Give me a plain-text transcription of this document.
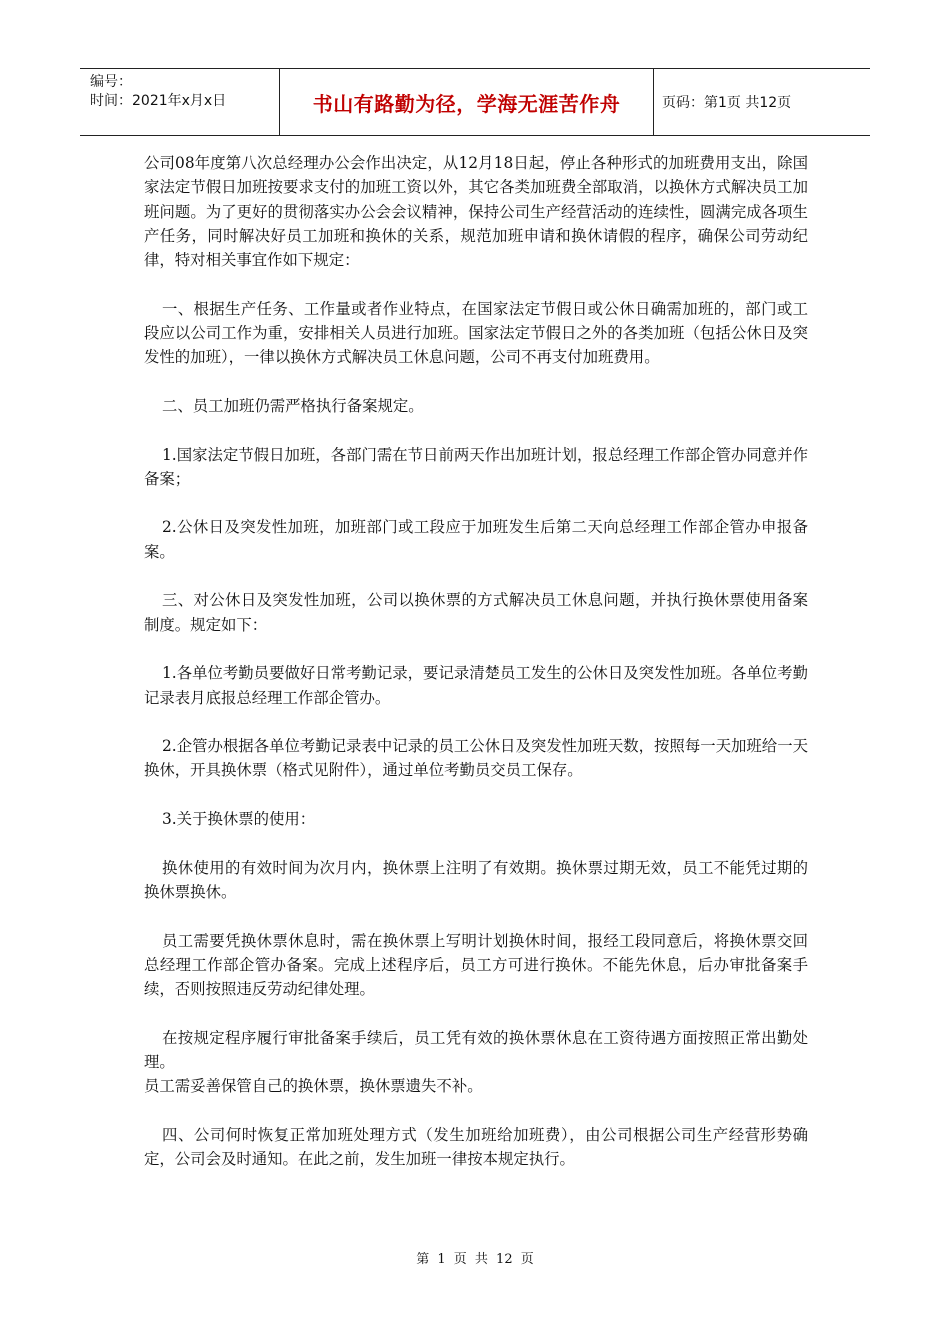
编号：
时间：2021年x月x日	书山有路勤为径，学海无涯苦作舟	页码：第1页 共12页

公司08年度第八次总经理办公会作出决定，从12月18日起，停止各种形式的加班费用支出，除国家法定节假日加班按要求支付的加班工资以外，其它各类加班费全部取消，以换休方式解决员工加班问题。为了更好的贯彻落实办公会会议精神，保持公司生产经营活动的连续性，圆满完成各项生产任务，同时解决好员工加班和换休的关系，规范加班申请和换休请假的程序，确保公司劳动纪律，特对相关事宜作如下规定：

一、根据生产任务、工作量或者作业特点，在国家法定节假日或公休日确需加班的，部门或工段应以公司工作为重，安排相关人员进行加班。国家法定节假日之外的各类加班（包括公休日及突发性的加班），一律以换休方式解决员工休息问题，公司不再支付加班费用。

二、员工加班仍需严格执行备案规定。

1.国家法定节假日加班，各部门需在节日前两天作出加班计划，报总经理工作部企管办同意并作备案；

2.公休日及突发性加班，加班部门或工段应于加班发生后第二天向总经理工作部企管办申报备案。

三、对公休日及突发性加班，公司以换休票的方式解决员工休息问题，并执行换休票使用备案制度。规定如下：

1.各单位考勤员要做好日常考勤记录，要记录清楚员工发生的公休日及突发性加班。各单位考勤记录表月底报总经理工作部企管办。

2.企管办根据各单位考勤记录表中记录的员工公休日及突发性加班天数，按照每一天加班给一天换休，开具换休票（格式见附件），通过单位考勤员交员工保存。

3.关于换休票的使用：

换休使用的有效时间为次月内，换休票上注明了有效期。换休票过期无效，员工不能凭过期的换休票换休。

员工需要凭换休票休息时，需在换休票上写明计划换休时间，报经工段同意后，将换休票交回总经理工作部企管办备案。完成上述程序后，员工方可进行换休。不能先休息，后办审批备案手续，否则按照违反劳动纪律处理。

在按规定程序履行审批备案手续后，员工凭有效的换休票休息在工资待遇方面按照正常出勤处理。

员工需妥善保管自己的换休票，换休票遗失不补。

四、公司何时恢复正常加班处理方式（发生加班给加班费），由公司根据公司生产经营形势确定，公司会及时通知。在此之前，发生加班一律按本规定执行。

第 1 页 共 12 页
